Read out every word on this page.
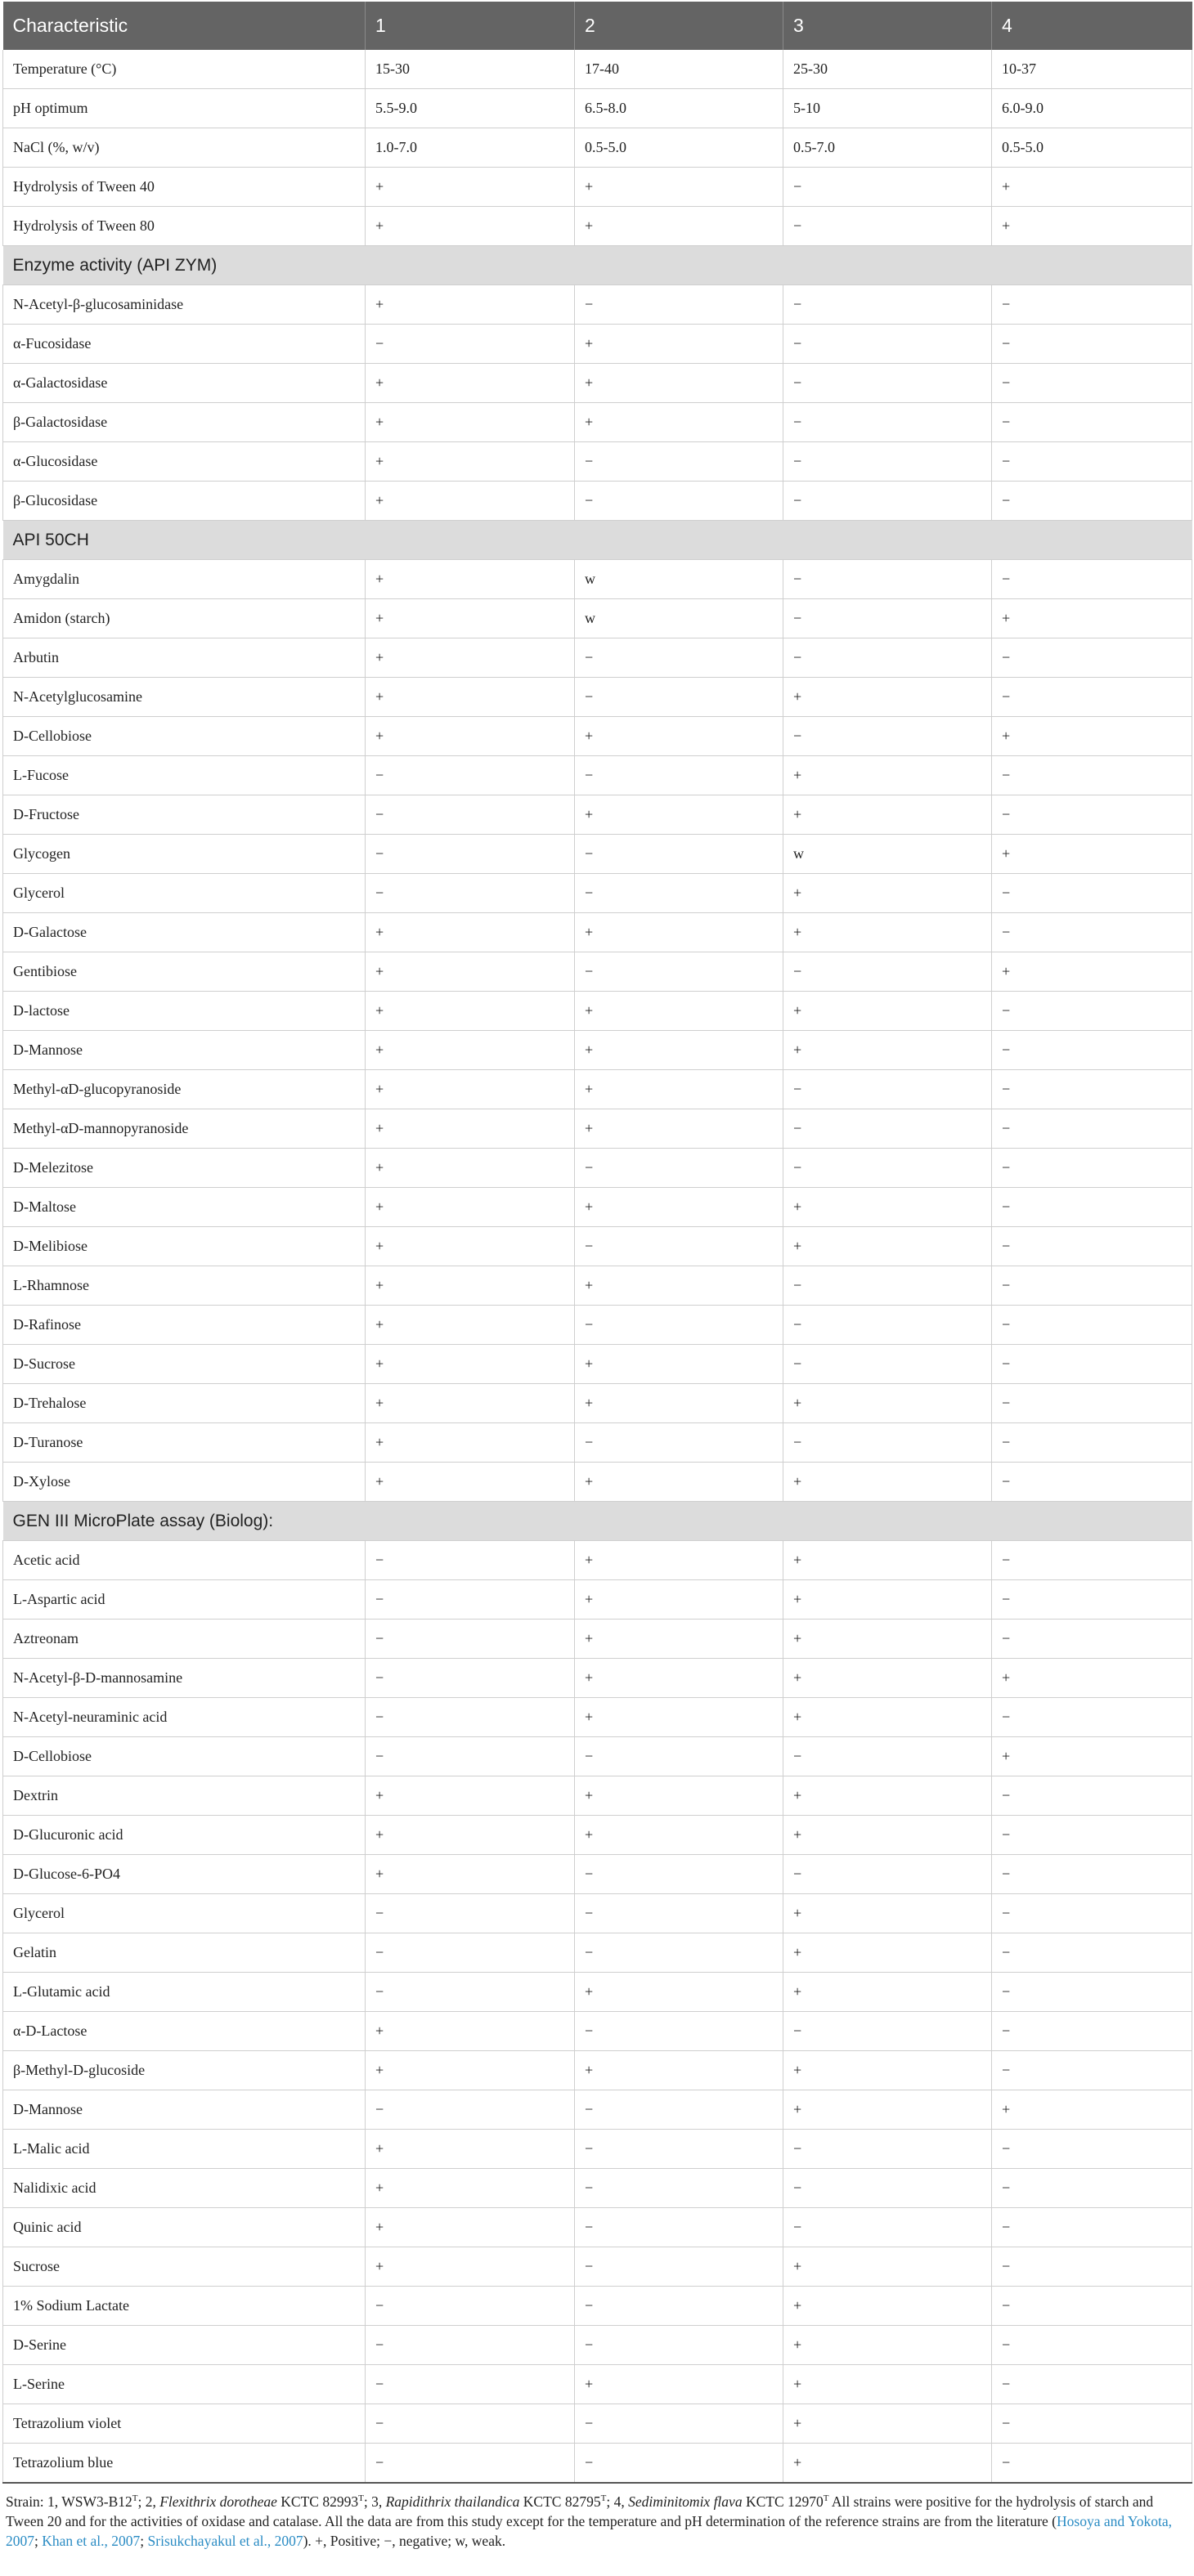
Characteristic	1	2	3	4
Temperature (°C)	15-30	17-40	25-30	10-37
pH optimum	5.5-9.0	6.5-8.0	5-10	6.0-9.0
NaCl (%, w/v)	1.0-7.0	0.5-5.0	0.5-7.0	0.5-5.0
Hydrolysis of Tween 40	+	+	−	+
Hydrolysis of Tween 80	+	+	−	+
Enzyme activity (API ZYM)				
N-Acetyl-β-glucosaminidase	+	−	−	−
α-Fucosidase	−	+	−	−
α-Galactosidase	+	+	−	−
β-Galactosidase	+	+	−	−
α-Glucosidase	+	−	−	−
β-Glucosidase	+	−	−	−
API 50CH				
Amygdalin	+	w	−	−
Amidon (starch)	+	w	−	+
Arbutin	+	−	−	−
N-Acetylglucosamine	+	−	+	−
D-Cellobiose	+	+	−	+
L-Fucose	−	−	+	−
D-Fructose	−	+	+	−
Glycogen	−	−	w	+
Glycerol	−	−	+	−
D-Galactose	+	+	+	−
Gentibiose	+	−	−	+
D-lactose	+	+	+	−
D-Mannose	+	+	+	−
Methyl-αD-glucopyranoside	+	+	−	−
Methyl-αD-mannopyranoside	+	+	−	−
D-Melezitose	+	−	−	−
D-Maltose	+	+	+	−
D-Melibiose	+	−	+	−
L-Rhamnose	+	+	−	−
D-Rafinose	+	−	−	−
D-Sucrose	+	+	−	−
D-Trehalose	+	+	+	−
D-Turanose	+	−	−	−
D-Xylose	+	+	+	−
GEN III MicroPlate assay (Biolog):				
Acetic acid	−	+	+	−
L-Aspartic acid	−	+	+	−
Aztreonam	−	+	+	−
N-Acetyl-β-D-mannosamine	−	+	+	+
N-Acetyl-neuraminic acid	−	+	+	−
D-Cellobiose	−	−	−	+
Dextrin	+	+	+	−
D-Glucuronic acid	+	+	+	−
D-Glucose-6-PO4	+	−	−	−
Glycerol	−	−	+	−
Gelatin	−	−	+	−
L-Glutamic acid	−	+	+	−
α-D-Lactose	+	−	−	−
β-Methyl-D-glucoside	+	+	+	−
D-Mannose	−	−	+	+
L-Malic acid	+	−	−	−
Nalidixic acid	+	−	−	−
Quinic acid	+	−	−	−
Sucrose	+	−	+	−
1% Sodium Lactate	−	−	+	−
D-Serine	−	−	+	−
L-Serine	−	+	+	−
Tetrazolium violet	−	−	+	−
Tetrazolium blue	−	−	+	−
Strain: 1, $WSW3-B12^T$; 2, Flexithrix dorotheae KCTC $82993^T$; 3, Rapidithrix thailandica KCTC $82795^T$; 4, Sediminitomix flava KCTC $12970^T$ All strains were positive for the hydrolysis of starch and Tween 20 and for the activities of oxidase and catalase. All the data are from this study except for the temperature and pH determination of the reference strains are from the literature (Hosoya and Yokota, 2007; Khan et al., 2007; Srisukchayakul et al., 2007). +, Positive; −, negative; w, weak.
